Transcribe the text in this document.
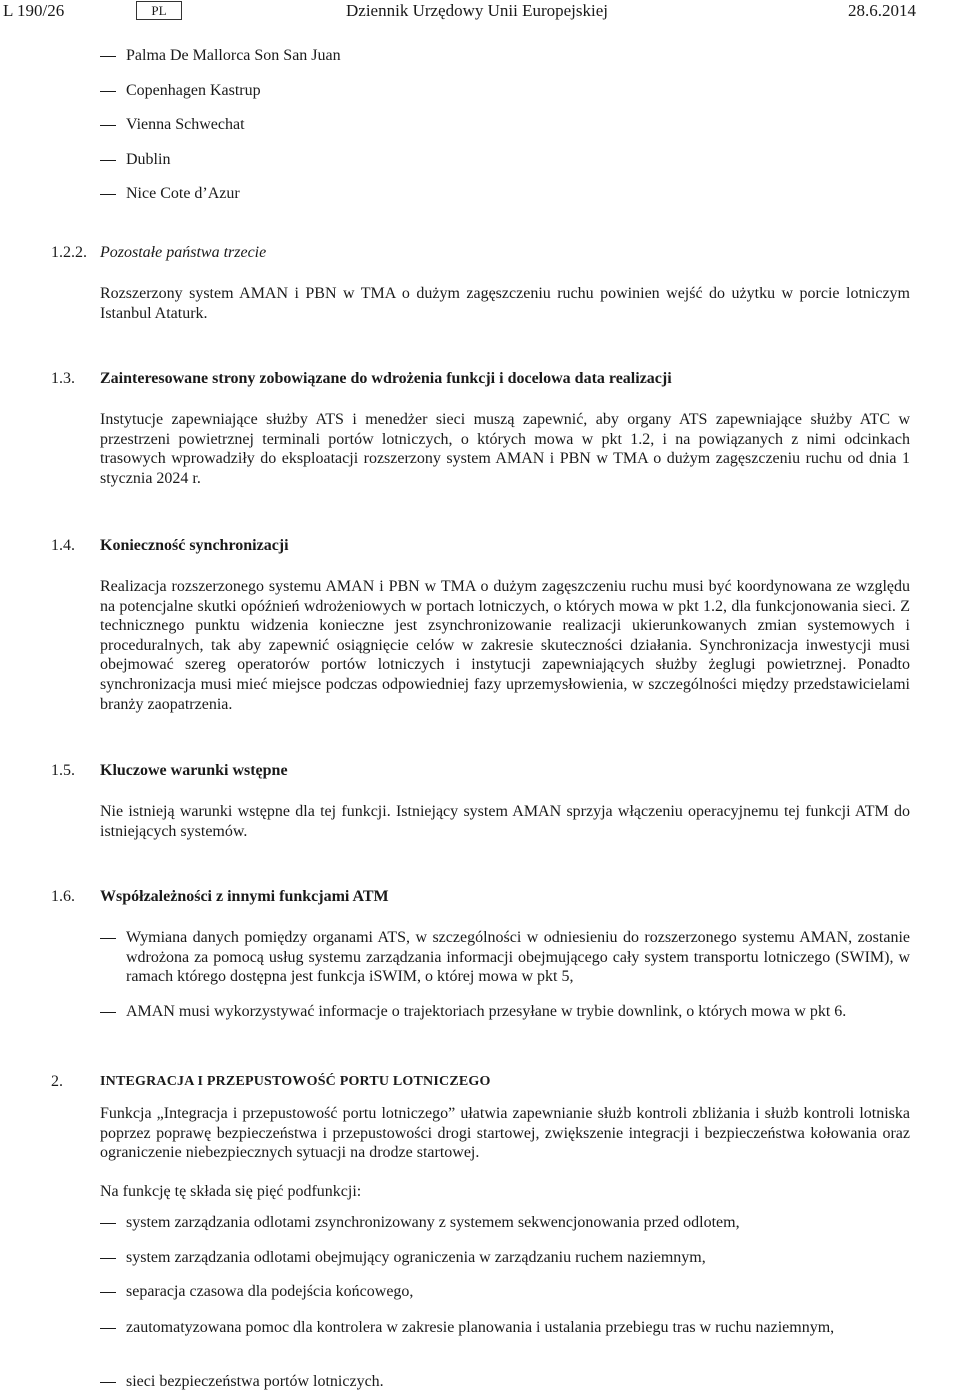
L 190/26	PL	Dziennik Urzędowy Unii Europejskiej	28.6.2014
Palma De Mallorca Son San Juan
Copenhagen Kastrup
Vienna Schwechat
Dublin
Nice Cote d’Azur
1.2.2. Pozostałe państwa trzecie
Rozszerzony system AMAN i PBN w TMA o dużym zagęszczeniu ruchu powinien wejść do użytku w porcie lotniczym Istanbul Ataturk.
1.3. Zainteresowane strony zobowiązane do wdrożenia funkcji i docelowa data realizacji
Instytucje zapewniające służby ATS i menedżer sieci muszą zapewnić, aby organy ATS zapewniające służby ATC w przestrzeni powietrznej terminali portów lotniczych, o których mowa w pkt 1.2, i na powiązanych z nimi odcinkach trasowych wprowadziły do eksploatacji rozszerzony system AMAN i PBN w TMA o dużym zagęszczeniu ruchu od dnia 1 stycznia 2024 r.
1.4. Konieczność synchronizacji
Realizacja rozszerzonego systemu AMAN i PBN w TMA o dużym zagęszczeniu ruchu musi być koordynowana ze względu na potencjalne skutki opóźnień wdrożeniowych w portach lotniczych, o których mowa w pkt 1.2, dla funkcjonowania sieci. Z technicznego punktu widzenia konieczne jest zsynchronizowanie realizacji ukierunkowanych zmian systemowych i proceduralnych, tak aby zapewnić osiągnięcie celów w zakresie skuteczności działania. Synchronizacja inwestycji musi obejmować szereg operatorów portów lotniczych i instytucji zapewniających służby żeglugi powietrznej. Ponadto synchronizacja musi mieć miejsce podczas odpowiedniej fazy uprzemysłowienia, w szczególności między przedstawicielami branży zaopatrzenia.
1.5. Kluczowe warunki wstępne
Nie istnieją warunki wstępne dla tej funkcji. Istniejący system AMAN sprzyja włączeniu operacyjnemu tej funkcji ATM do istniejących systemów.
1.6. Współzależności z innymi funkcjami ATM
Wymiana danych pomiędzy organami ATS, w szczególności w odniesieniu do rozszerzonego systemu AMAN, zostanie wdrożona za pomocą usług systemu zarządzania informacji obejmującego cały system transportu lotniczego (SWIM), w ramach którego dostępna jest funkcja iSWIM, o której mowa w pkt 5,
AMAN musi wykorzystywać informacje o trajektoriach przesyłane w trybie downlink, o których mowa w pkt 6.
2.	INTEGRACJA I PRZEPUSTOWOŚĆ PORTU LOTNICZEGO
Funkcja „Integracja i przepustowość portu lotniczego” ułatwia zapewnianie służb kontroli zbliżania i służb kontroli lotniska poprzez poprawę bezpieczeństwa i przepustowości drogi startowej, zwiększenie integracji i bezpieczeństwa kołowania oraz ograniczenie niebezpiecznych sytuacji na drodze startowej.
Na funkcję tę składa się pięć podfunkcji:
system zarządzania odlotami zsynchronizowany z systemem sekwencjonowania przed odlotem,
system zarządzania odlotami obejmujący ograniczenia w zarządzaniu ruchem naziemnym,
separacja czasowa dla podejścia końcowego,
zautomatyzowana pomoc dla kontrolera w zakresie planowania i ustalania przebiegu tras w ruchu naziemnym,
sieci bezpieczeństwa portów lotniczych.
